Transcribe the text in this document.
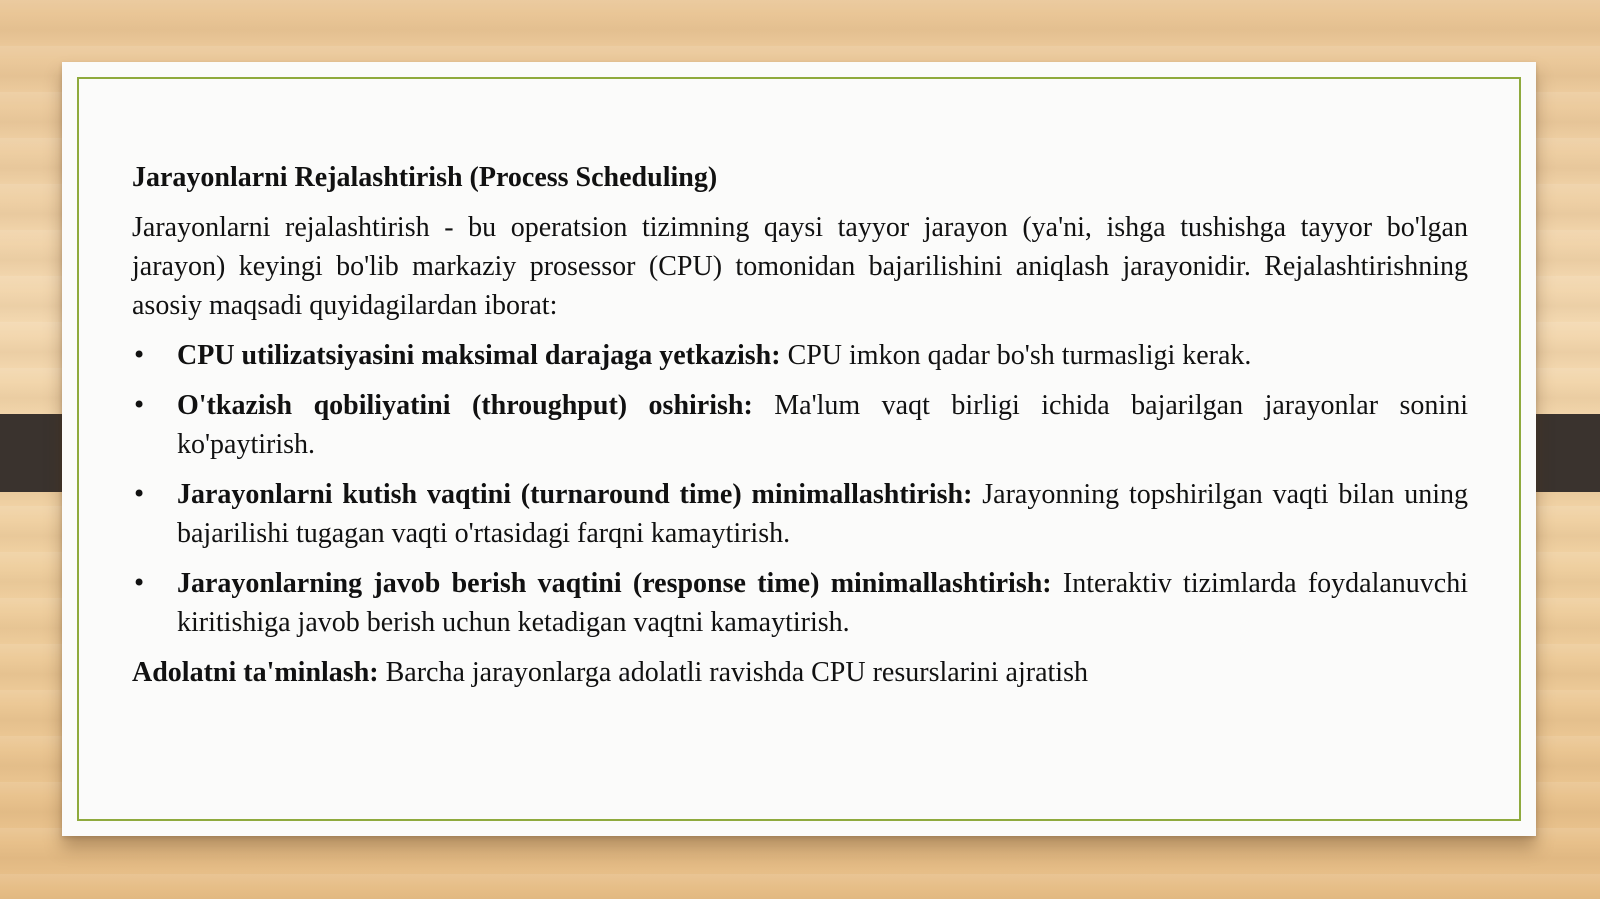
Jarayonlarni Rejalashtirish (Process Scheduling)

Jarayonlarni rejalashtirish - bu operatsion tizimning qaysi tayyor jarayon (ya'ni, ishga tushishga tayyor bo'lgan jarayon) keyingi bo'lib markaziy prosessor (CPU) tomonidan bajarilishini aniqlash jarayonidir. Rejalashtirishning asosiy maqsadi quyidagilardan iborat:

• CPU utilizatsiyasini maksimal darajaga yetkazish: CPU imkon qadar bo'sh turmasligi kerak.
• O'tkazish qobiliyatini (throughput) oshirish: Ma'lum vaqt birligi ichida bajarilgan jarayonlar sonini ko'paytirish.
• Jarayonlarni kutish vaqtini (turnaround time) minimallashtirish: Jarayonning topshirilgan vaqti bilan uning bajarilishi tugagan vaqti o'rtasidagi farqni kamaytirish.
• Jarayonlarning javob berish vaqtini (response time) minimallashtirish: Interaktiv tizimlarda foydalanuvchi kiritishiga javob berish uchun ketadigan vaqtni kamaytirish.

Adolatni ta'minlash: Barcha jarayonlarga adolatli ravishda CPU resurslarini ajratish
